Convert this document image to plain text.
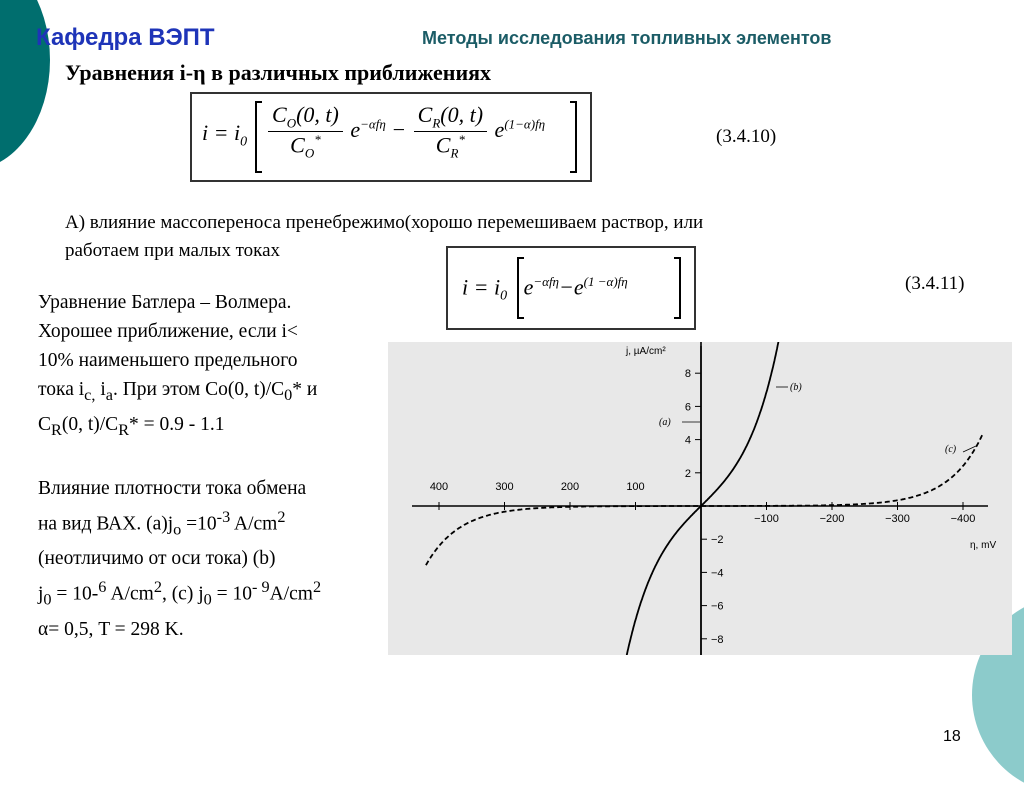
Кафедра ВЭПТ	Методы исследования топливных элементов
Уравнения i-η в различных приближениях
$i = i_0 \frac{C_O(0, t)}{C_O^*} e^{-\alpha f\eta} - \frac{C_R(0, t)}{C_R^*} e^{(1-\alpha)f\eta}$
(3.4.10)
А) влияние массопереноса пренебрежимо(хорошо перемешиваем раствор, или
работаем при малых токах
$i = i_0$   $e^{-\alpha f\eta}-e^{(1 -\alpha)f\eta}$	(3.4.11)

Уравнение Батлера – Волмера.

Хорошее приближение, если i<

10% наименьшего предельного

тока $i_{c,}$ $i_a$. При этом Co(0, $t)/C_0*$ и

$C_R(0$, $t)/C_R* = 0.9 - 1.1$

Влияние плотности тока обмена

на вид ВАХ. $(a)j_o =10^{-3}$ $A/cm^2$

(неотличимо от оси тока) (b)

$j_0 = 10-^6$ $A/cm^2$, (c) $j_0 = 10^{- 9}A/cm^2$

α= 0,5, T = 298 K.

400	300	200	100
−100	−200	−300	−400
8
6
4
2
−2
−4
−6
−8
j, µA/cm²
η, mV
(a)
(b)
(c)
18
